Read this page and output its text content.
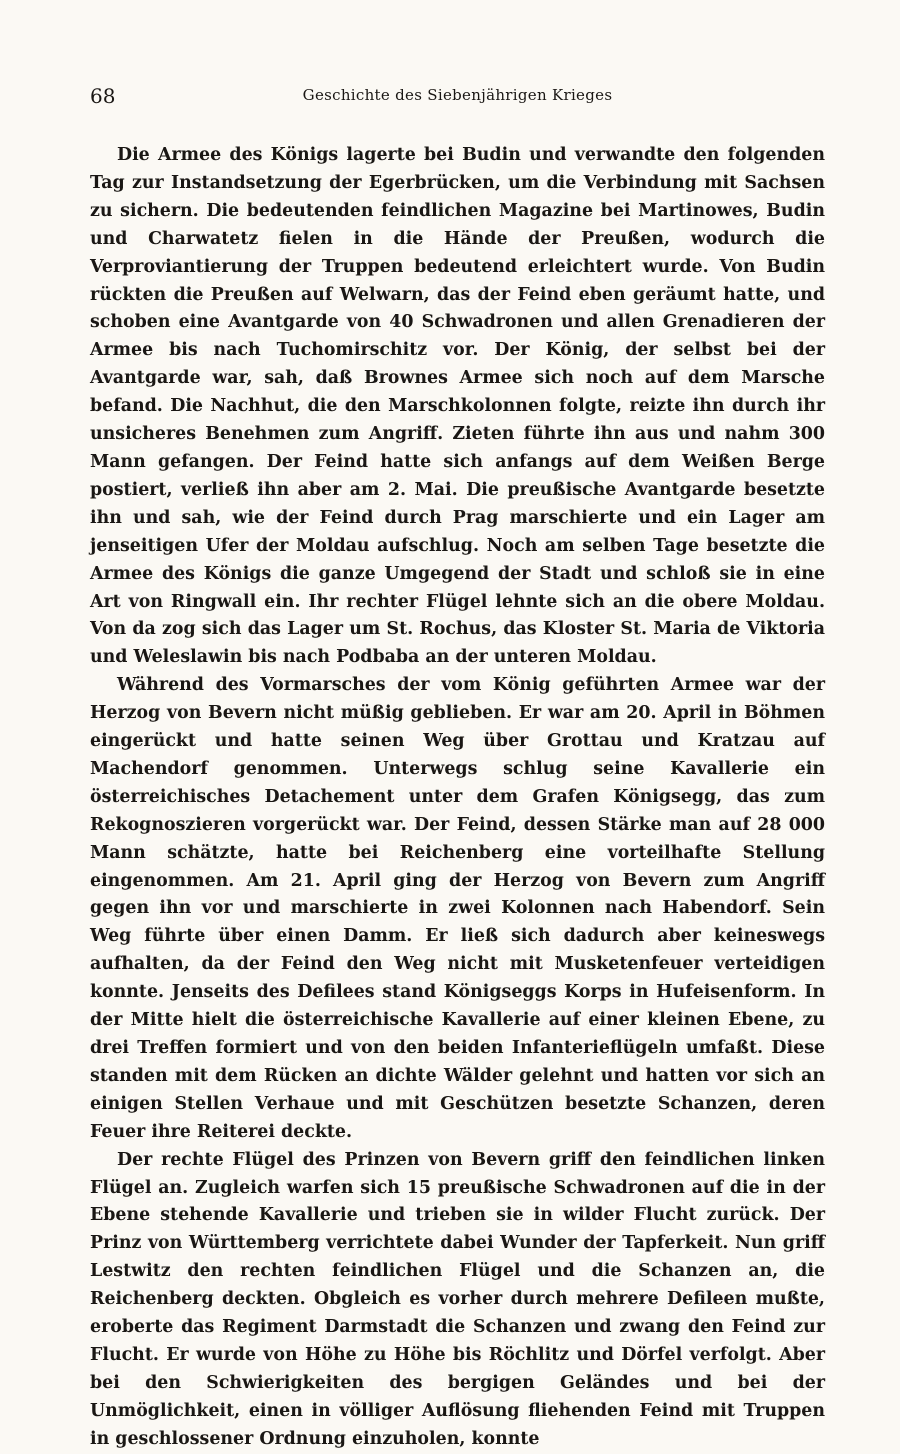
68	Geschichte des Siebenjährigen Krieges

Die Armee des Königs lagerte bei Budin und verwandte den folgenden Tag zur Instandsetzung der Egerbrücken, um die Verbindung mit Sachsen zu sichern. Die bedeutenden feindlichen Magazine bei Martinowes, Budin und Charwatetz fielen in die Hände der Preußen, wodurch die Verproviantierung der Truppen bedeutend erleichtert wurde. Von Budin rückten die Preußen auf Welwarn, das der Feind eben geräumt hatte, und schoben eine Avantgarde von 40 Schwadronen und allen Grenadieren der Armee bis nach Tuchomirschitz vor. Der König, der selbst bei der Avantgarde war, sah, daß Brownes Armee sich noch auf dem Marsche befand. Die Nachhut, die den Marschkolonnen folgte, reizte ihn durch ihr unsicheres Benehmen zum Angriff. Zieten führte ihn aus und nahm 300 Mann gefangen. Der Feind hatte sich anfangs auf dem Weißen Berge postiert, verließ ihn aber am 2. Mai. Die preußische Avantgarde besetzte ihn und sah, wie der Feind durch Prag marschierte und ein Lager am jenseitigen Ufer der Moldau aufschlug. Noch am selben Tage besetzte die Armee des Königs die ganze Umgegend der Stadt und schloß sie in eine Art von Ringwall ein. Ihr rechter Flügel lehnte sich an die obere Moldau. Von da zog sich das Lager um St. Rochus, das Kloster St. Maria de Viktoria und Weleslawin bis nach Podbaba an der unteren Moldau.

Während des Vormarsches der vom König geführten Armee war der Herzog von Bevern nicht müßig geblieben. Er war am 20. April in Böhmen eingerückt und hatte seinen Weg über Grottau und Kratzau auf Machendorf genommen. Unterwegs schlug seine Kavallerie ein österreichisches Detachement unter dem Grafen Königsegg, das zum Rekognoszieren vorgerückt war. Der Feind, dessen Stärke man auf 28 000 Mann schätzte, hatte bei Reichenberg eine vorteilhafte Stellung eingenommen. Am 21. April ging der Herzog von Bevern zum Angriff gegen ihn vor und marschierte in zwei Kolonnen nach Habendorf. Sein Weg führte über einen Damm. Er ließ sich dadurch aber keineswegs aufhalten, da der Feind den Weg nicht mit Musketenfeuer verteidigen konnte. Jenseits des Defilees stand Königseggs Korps in Hufeisenform. In der Mitte hielt die österreichische Kavallerie auf einer kleinen Ebene, zu drei Treffen formiert und von den beiden Infanterieflügeln umfaßt. Diese standen mit dem Rücken an dichte Wälder gelehnt und hatten vor sich an einigen Stellen Verhaue und mit Geschützen besetzte Schanzen, deren Feuer ihre Reiterei deckte.

Der rechte Flügel des Prinzen von Bevern griff den feindlichen linken Flügel an. Zugleich warfen sich 15 preußische Schwadronen auf die in der Ebene stehende Kavallerie und trieben sie in wilder Flucht zurück. Der Prinz von Württemberg verrichtete dabei Wunder der Tapferkeit. Nun griff Lestwitz den rechten feindlichen Flügel und die Schanzen an, die Reichenberg deckten. Obgleich es vorher durch mehrere Defileen mußte, eroberte das Regiment Darmstadt die Schanzen und zwang den Feind zur Flucht. Er wurde von Höhe zu Höhe bis Röchlitz und Dörfel verfolgt. Aber bei den Schwierigkeiten des bergigen Geländes und bei der Unmöglichkeit, einen in völliger Auflösung fliehenden Feind mit Truppen in geschlossener Ordnung einzuholen, konnte
